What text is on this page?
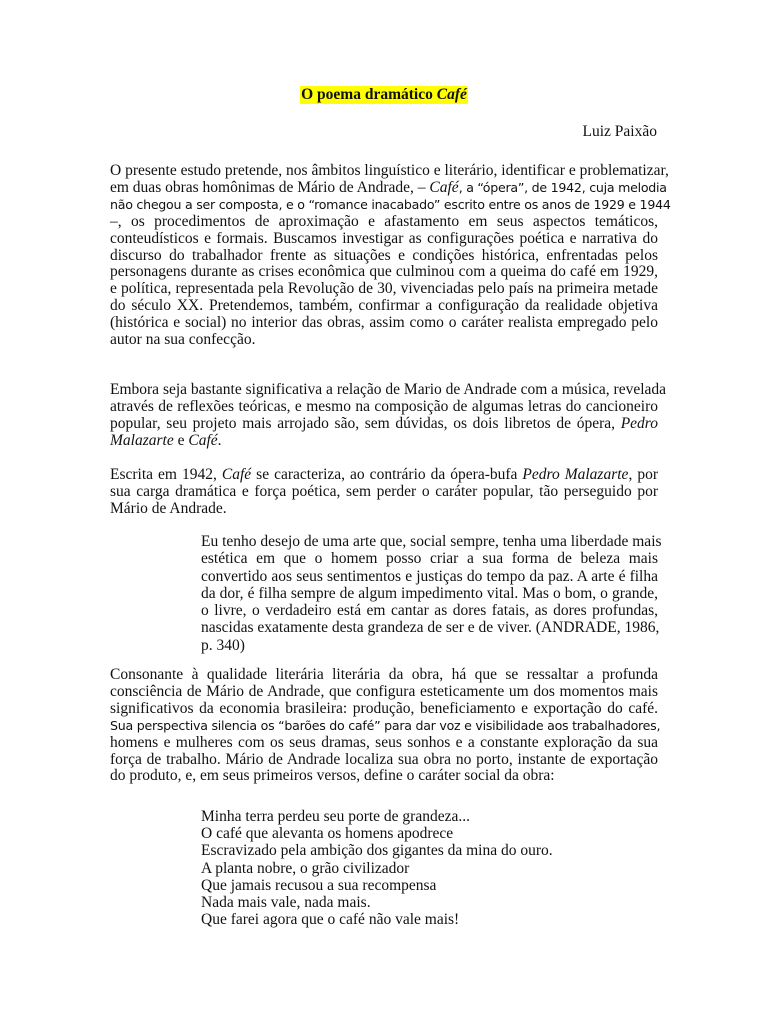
O poema dramático Café
Luiz Paixão
O presente estudo pretende, nos âmbitos linguístico e literário, identificar e problematizar,
em duas obras homônimas de Mário de Andrade, – Café, a “ópera”, de 1942, cuja melodia
não chegou a ser composta, e o “romance inacabado” escrito entre os anos de 1929 e 1944
–, os procedimentos de aproximação e afastamento em seus aspectos temáticos,
conteudísticos e formais. Buscamos investigar as configurações poética e narrativa do
discurso do trabalhador frente as situações e condições histórica, enfrentadas pelos
personagens durante as crises econômica que culminou com a queima do café em 1929,
e política, representada pela Revolução de 30, vivenciadas pelo país na primeira metade
do século XX. Pretendemos, também, confirmar a configuração da realidade objetiva
(histórica e social) no interior das obras, assim como o caráter realista empregado pelo
autor na sua confecção.
Embora seja bastante significativa a relação de Mario de Andrade com a música, revelada
através de reflexões teóricas, e mesmo na composição de algumas letras do cancioneiro
popular, seu projeto mais arrojado são, sem dúvidas, os dois libretos de ópera, Pedro
Malazarte e Café.
Escrita em 1942, Café se caracteriza, ao contrário da ópera-bufa Pedro Malazarte, por
sua carga dramática e força poética, sem perder o caráter popular, tão perseguido por
Mário de Andrade.
Eu tenho desejo de uma arte que, social sempre, tenha uma liberdade mais
estética em que o homem posso criar a sua forma de beleza mais
convertido aos seus sentimentos e justiças do tempo da paz. A arte é filha
da dor, é filha sempre de algum impedimento vital. Mas o bom, o grande,
o livre, o verdadeiro está em cantar as dores fatais, as dores profundas,
nascidas exatamente desta grandeza de ser e de viver. (ANDRADE, 1986,
p. 340)
Consonante à qualidade literária literária da obra, há que se ressaltar a profunda
consciência de Mário de Andrade, que configura esteticamente um dos momentos mais
significativos da economia brasileira: produção, beneficiamento e exportação do café.
Sua perspectiva silencia os “barões do café” para dar voz e visibilidade aos trabalhadores,
homens e mulheres com os seus dramas, seus sonhos e a constante exploração da sua
força de trabalho. Mário de Andrade localiza sua obra no porto, instante de exportação
do produto, e, em seus primeiros versos, define o caráter social da obra:
Minha terra perdeu seu porte de grandeza...
O café que alevanta os homens apodrece
Escravizado pela ambição dos gigantes da mina do ouro.
A planta nobre, o grão civilizador
Que jamais recusou a sua recompensa
Nada mais vale, nada mais.
Que farei agora que o café não vale mais!
